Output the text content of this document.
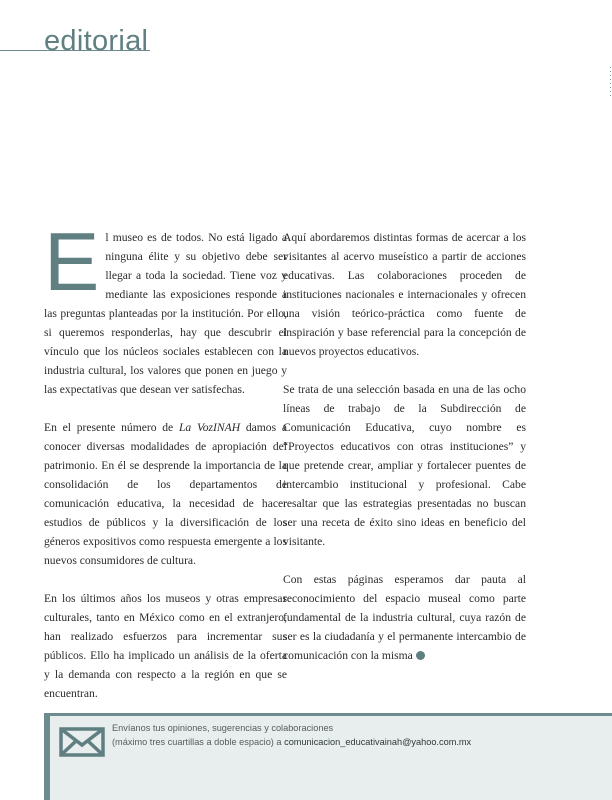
editorial

El museo es de todos. No está ligado a ninguna élite y su objetivo debe ser llegar a toda la sociedad. Tiene voz y mediante las exposiciones responde a las preguntas planteadas por la institución. Por ello, si queremos responderlas, hay que descubrir el vínculo que los núcleos sociales establecen con la industria cultural, los valores que ponen en juego y las expectativas que desean ver satisfechas.

En el presente número de La VozINAH damos a conocer diversas modalidades de apropiación del patrimonio. En él se desprende la importancia de la consolidación de los departamentos de comunicación educativa, la necesidad de hacer estudios de públicos y la diversificación de los géneros expositivos como respuesta emergente a los nuevos consumidores de cultura.

En los últimos años los museos y otras empresas culturales, tanto en México como en el extranjero, han realizado esfuerzos para incrementar sus públicos. Ello ha implicado un análisis de la oferta y la demanda con respecto a la región en que se encuentran.

Aquí abordaremos distintas formas de acercar a los visitantes al acervo museístico a partir de acciones educativas. Las colaboraciones proceden de instituciones nacionales e internacionales y ofrecen una visión teórico-práctica como fuente de inspiración y base referencial para la concepción de nuevos proyectos educativos.

Se trata de una selección basada en una de las ocho líneas de trabajo de la Subdirección de Comunicación Educativa, cuyo nombre es “Proyectos educativos con otras instituciones” y que pretende crear, ampliar y fortalecer puentes de intercambio institucional y profesional. Cabe resaltar que las estrategias presentadas no buscan ser una receta de éxito sino ideas en beneficio del visitante.

Con estas páginas esperamos dar pauta al reconocimiento del espacio museal como parte fundamental de la industria cultural, cuya razón de ser es la ciudadanía y el permanente intercambio de comunicación con la misma

Envíanos tus opiniones, sugerencias y colaboraciones
(máximo tres cuartillas a doble espacio) a comunicacion_educativainah@yahoo.com.mx
